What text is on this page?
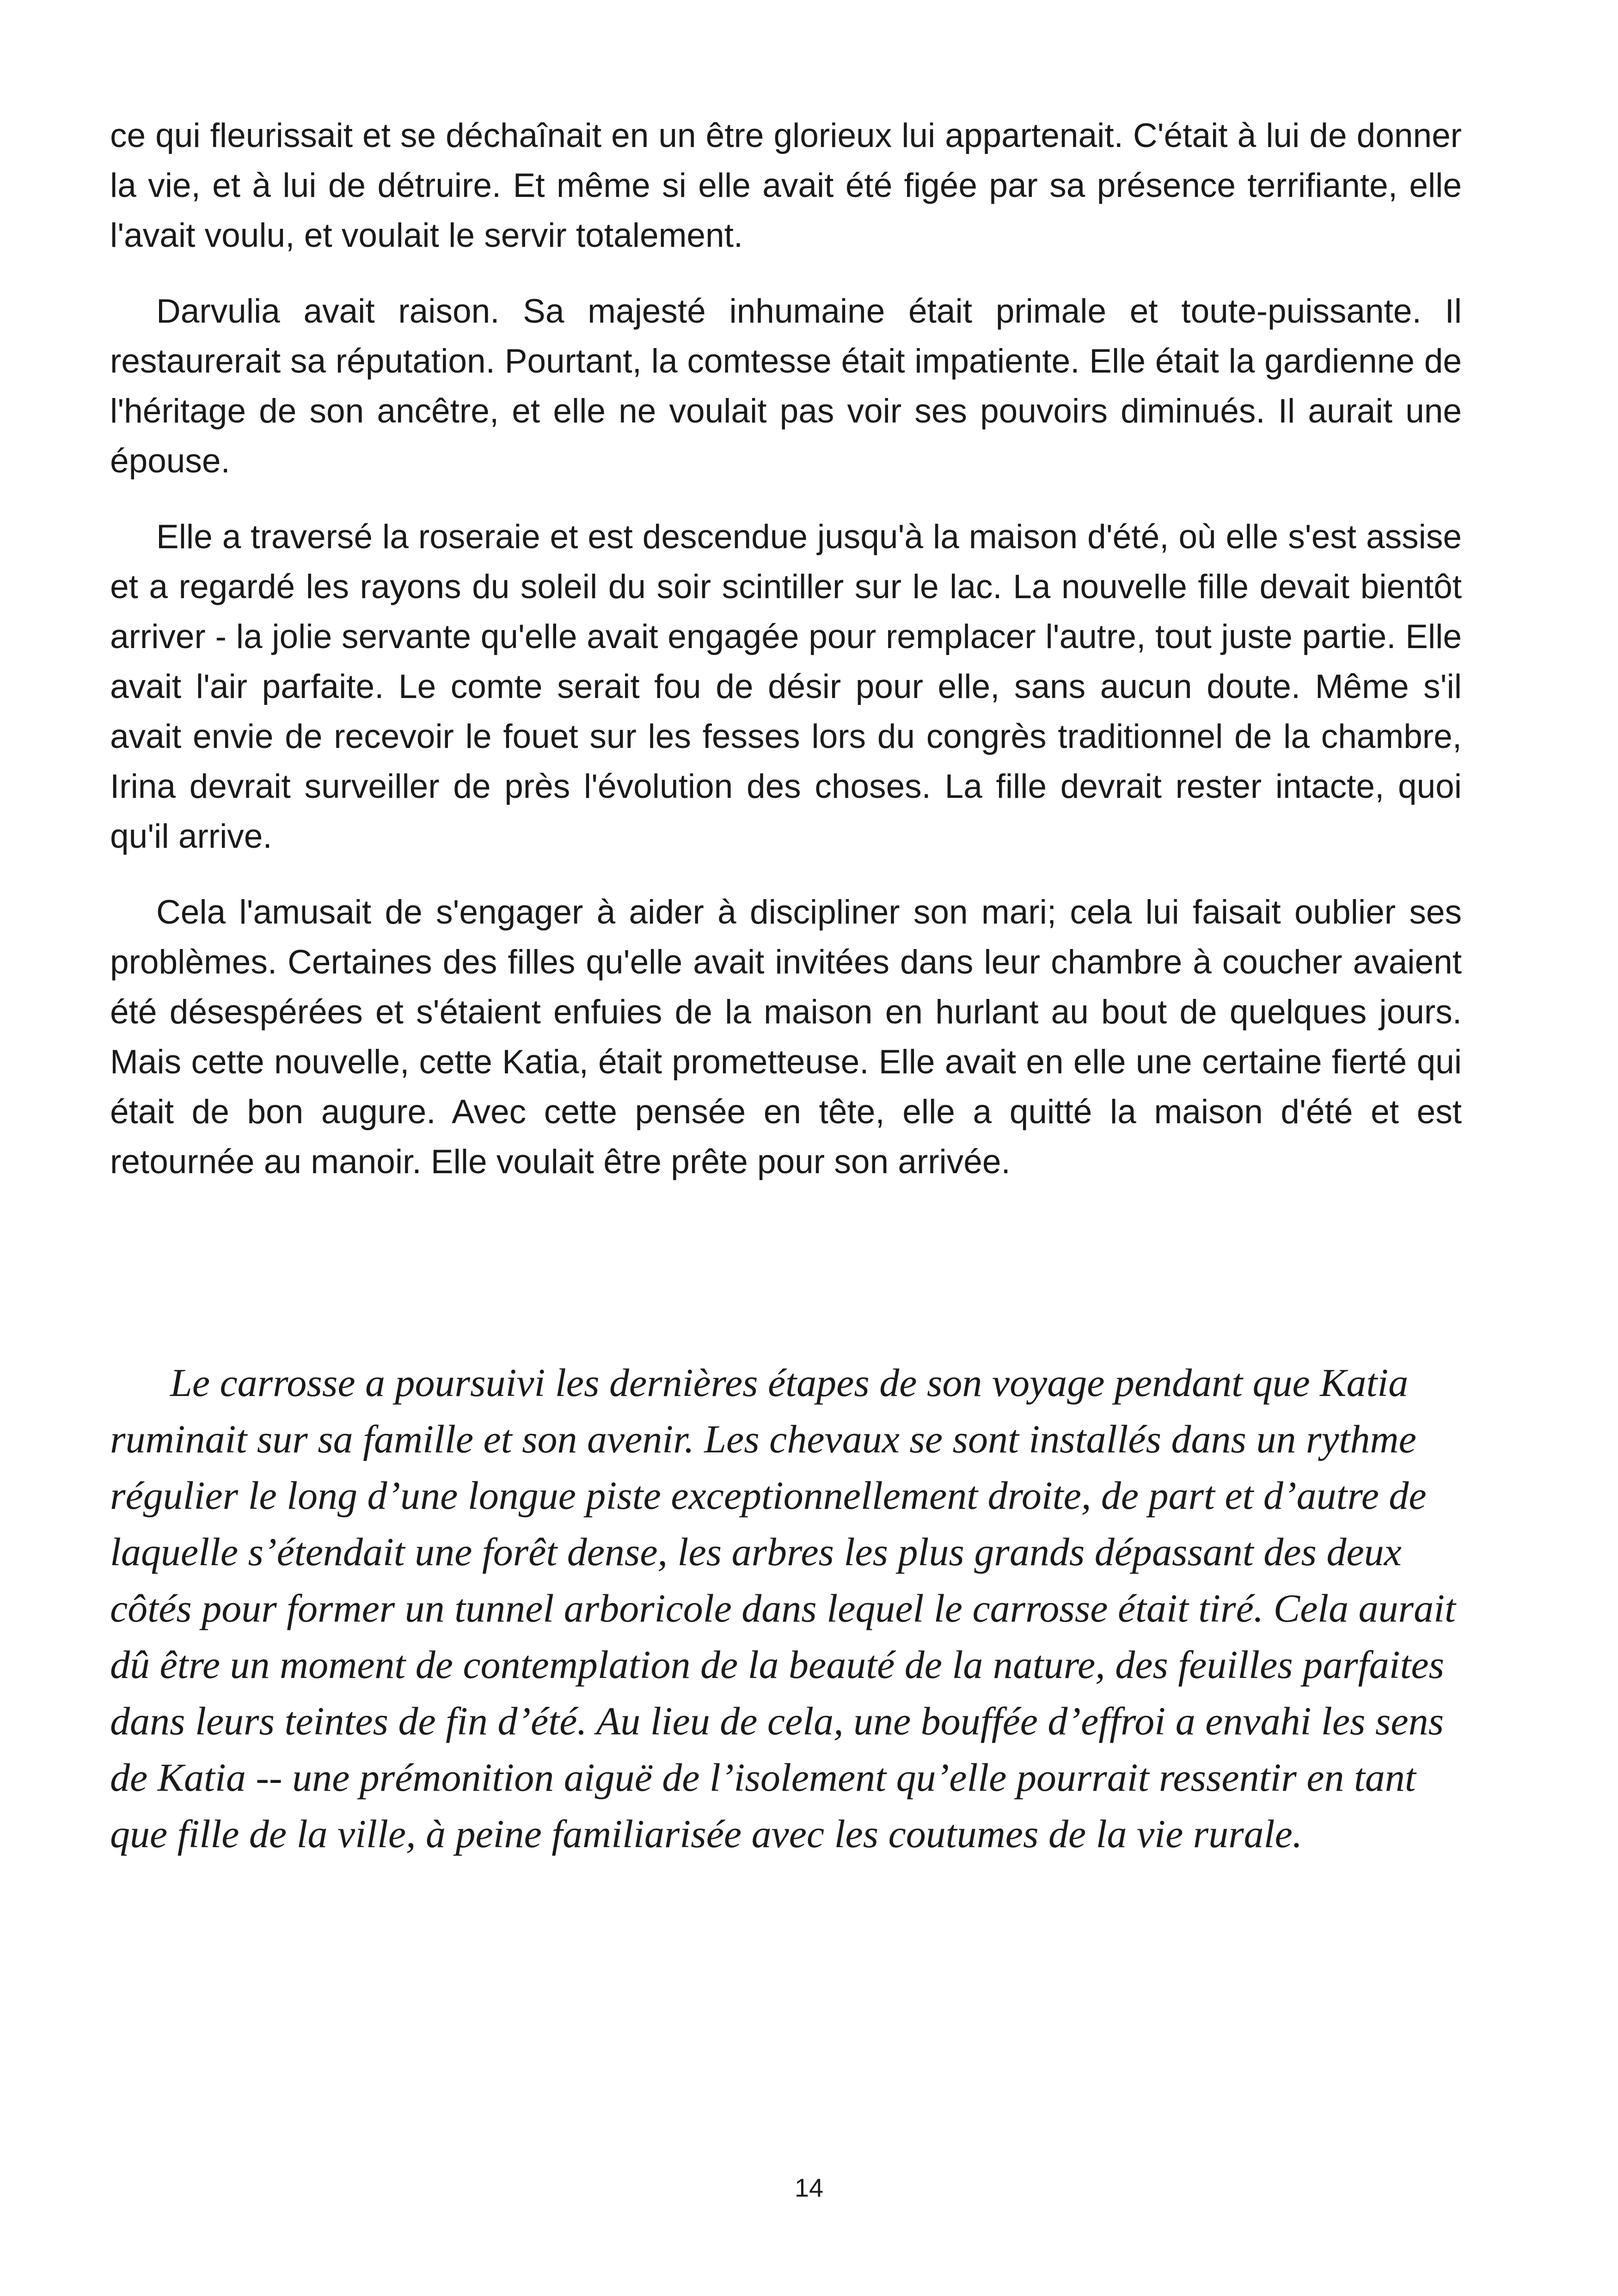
ce qui fleurissait et se déchaînait en un être glorieux lui appartenait. C'était à lui de donner la vie, et à lui de détruire. Et même si elle avait été figée par sa présence terrifiante, elle l'avait voulu, et voulait le servir totalement.

Darvulia avait raison. Sa majesté inhumaine était primale et toute-puissante. Il restaurerait sa réputation. Pourtant, la comtesse était impatiente. Elle était la gardienne de l'héritage de son ancêtre, et elle ne voulait pas voir ses pouvoirs diminués. Il aurait une épouse.

Elle a traversé la roseraie et est descendue jusqu'à la maison d'été, où elle s'est assise et a regardé les rayons du soleil du soir scintiller sur le lac. La nouvelle fille devait bientôt arriver - la jolie servante qu'elle avait engagée pour remplacer l'autre, tout juste partie. Elle avait l'air parfaite. Le comte serait fou de désir pour elle, sans aucun doute. Même s'il avait envie de recevoir le fouet sur les fesses lors du congrès traditionnel de la chambre, Irina devrait surveiller de près l'évolution des choses. La fille devrait rester intacte, quoi qu'il arrive.

Cela l'amusait de s'engager à aider à discipliner son mari; cela lui faisait oublier ses problèmes. Certaines des filles qu'elle avait invitées dans leur chambre à coucher avaient été désespérées et s'étaient enfuies de la maison en hurlant au bout de quelques jours. Mais cette nouvelle, cette Katia, était prometteuse. Elle avait en elle une certaine fierté qui était de bon augure. Avec cette pensée en tête, elle a quitté la maison d'été et est retournée au manoir. Elle voulait être prête pour son arrivée.

Le carrosse a poursuivi les dernières étapes de son voyage pendant que Katia ruminait sur sa famille et son avenir. Les chevaux se sont installés dans un rythme régulier le long d’une longue piste exceptionnellement droite, de part et d’autre de laquelle s’étendait une forêt dense, les arbres les plus grands dépassant des deux côtés pour former un tunnel arboricole dans lequel le carrosse était tiré. Cela aurait dû être un moment de contemplation de la beauté de la nature, des feuilles parfaites dans leurs teintes de fin d’été. Au lieu de cela, une bouffée d’effroi a envahi les sens de Katia -- une prémonition aiguë de l’isolement qu’elle pourrait ressentir en tant que fille de la ville, à peine familiarisée avec les coutumes de la vie rurale.

14
